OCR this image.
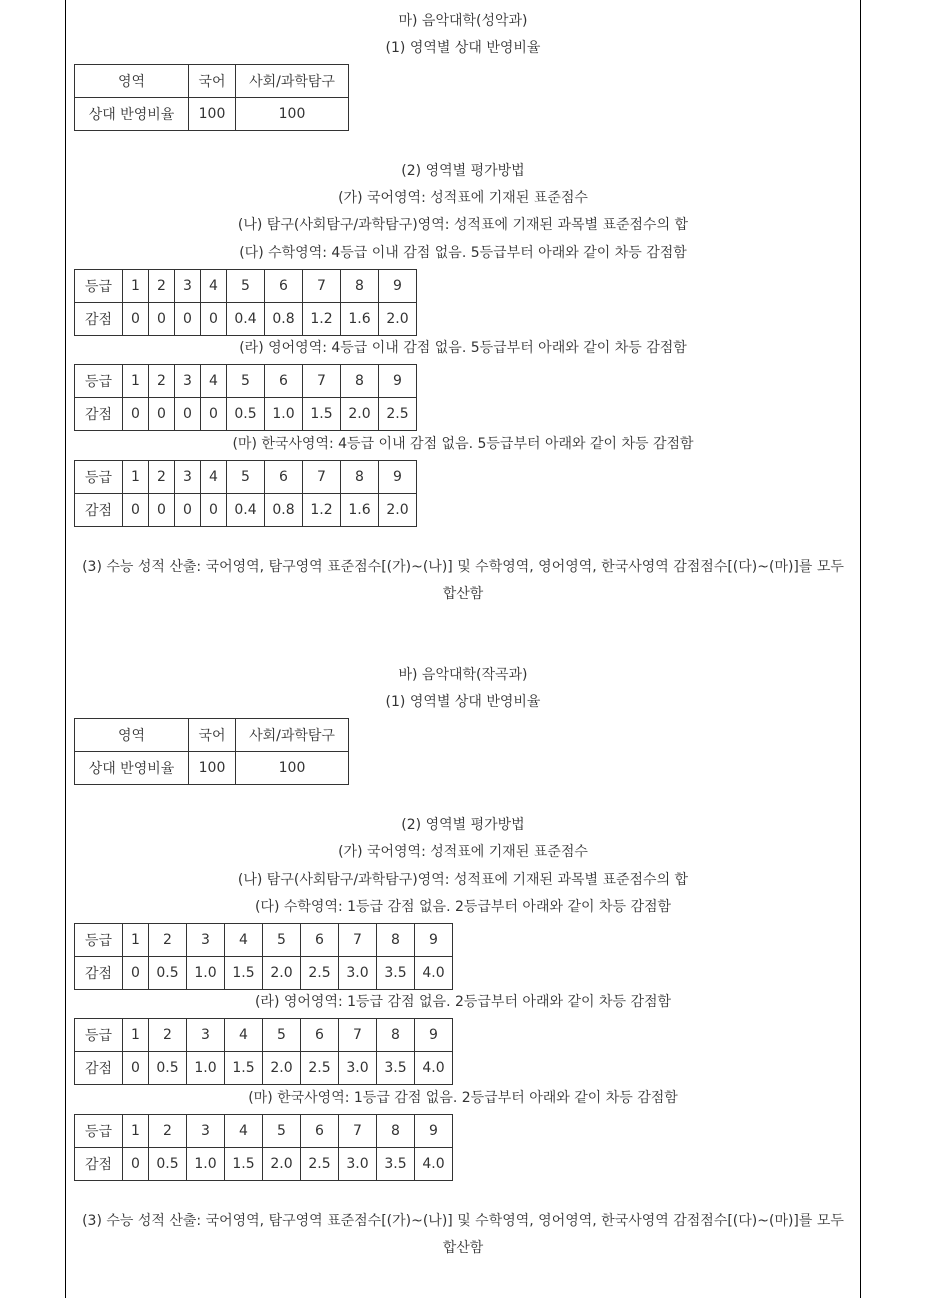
마) 음악대학(성악과)
(1) 영역별 상대 반영비율
영역	국어	사회/과학탐구
상대 반영비율	100	100
(2) 영역별 평가방법
(가) 국어영역: 성적표에 기재된 표준점수
(나) 탐구(사회탐구/과학탐구)영역: 성적표에 기재된 과목별 표준점수의 합
(다) 수학영역: 4등급 이내 감점 없음. 5등급부터 아래와 같이 차등 감점함
등급	1	2	3	4	5	6	7	8	9
감점	0	0	0	0	0.4	0.8	1.2	1.6	2.0
(라) 영어영역: 4등급 이내 감점 없음. 5등급부터 아래와 같이 차등 감점함
등급	1	2	3	4	5	6	7	8	9
감점	0	0	0	0	0.5	1.0	1.5	2.0	2.5
(마) 한국사영역: 4등급 이내 감점 없음. 5등급부터 아래와 같이 차등 감점함
등급	1	2	3	4	5	6	7	8	9
감점	0	0	0	0	0.4	0.8	1.2	1.6	2.0
(3) 수능 성적 산출: 국어영역, 탐구영역 표준점수[(가)~(나)] 및 수학영역, 영어영역, 한국사영역 감점점수[(다)~(마)]를 모두 합산함
바) 음악대학(작곡과)
(1) 영역별 상대 반영비율
영역	국어	사회/과학탐구
상대 반영비율	100	100
(2) 영역별 평가방법
(가) 국어영역: 성적표에 기재된 표준점수
(나) 탐구(사회탐구/과학탐구)영역: 성적표에 기재된 과목별 표준점수의 합
(다) 수학영역: 1등급 감점 없음. 2등급부터 아래와 같이 차등 감점함
등급	1	2	3	4	5	6	7	8	9
감점	0	0.5	1.0	1.5	2.0	2.5	3.0	3.5	4.0
(라) 영어영역: 1등급 감점 없음. 2등급부터 아래와 같이 차등 감점함
등급	1	2	3	4	5	6	7	8	9
감점	0	0.5	1.0	1.5	2.0	2.5	3.0	3.5	4.0
(마) 한국사영역: 1등급 감점 없음. 2등급부터 아래와 같이 차등 감점함
등급	1	2	3	4	5	6	7	8	9
감점	0	0.5	1.0	1.5	2.0	2.5	3.0	3.5	4.0
(3) 수능 성적 산출: 국어영역, 탐구영역 표준점수[(가)~(나)] 및 수학영역, 영어영역, 한국사영역 감점점수[(다)~(마)]를 모두 합산함
